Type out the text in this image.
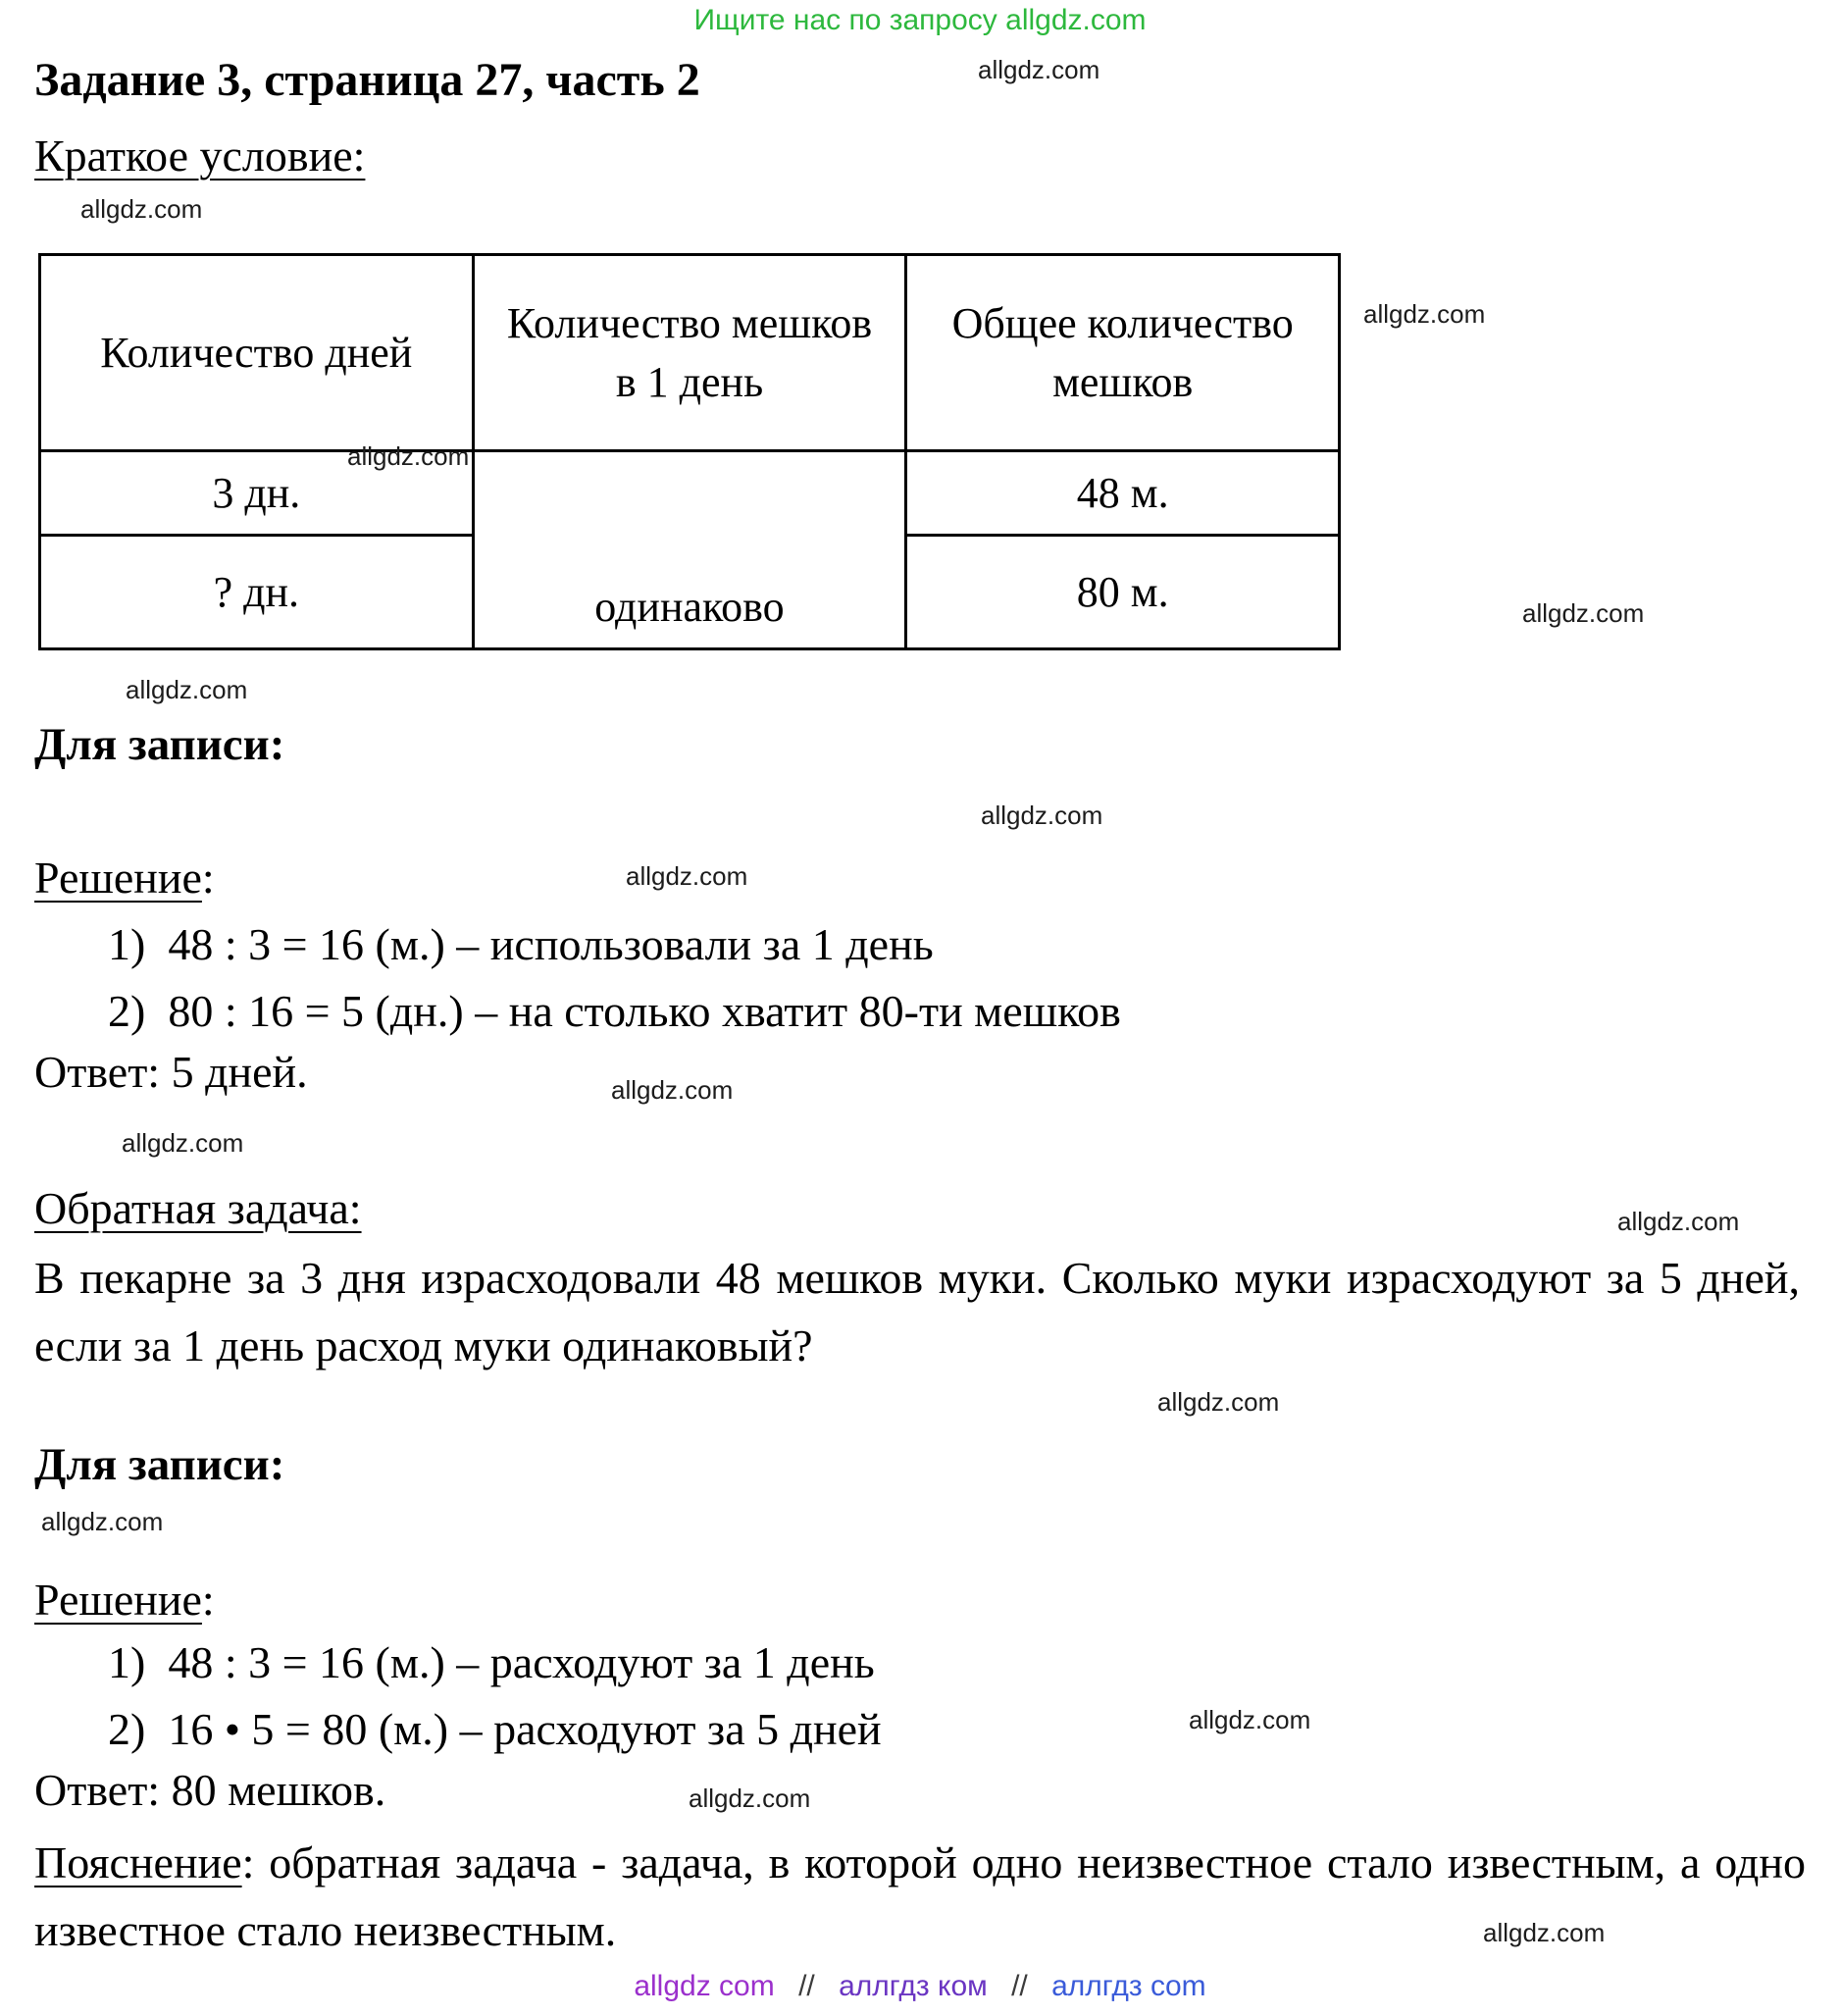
Ищите нас по запросу allgdz.com
allgdz.com
allgdz.com
allgdz.com
allgdz.com
allgdz.com
allgdz.com
allgdz.com
allgdz.com
allgdz.com
allgdz.com
allgdz.com
allgdz.com
allgdz.com
allgdz.com
allgdz.com
allgdz.com
Задание 3, страница 27, часть 2
Краткое условие:
Количество дней	Количество мешков в 1 день	Общее количество мешков
3 дн.	одинаково	48 м.
? дн.		80 м.
Для записи:
Решение:
1)  48 : 3 = 16 (м.) – использовали за 1 день
2)  80 : 16 = 5 (дн.) – на столько хватит 80-ти мешков
Ответ: 5 дней.
Обратная задача:
В пекарне за 3 дня израсходовали 48 мешков муки. Сколько муки израсходуют за 5 дней, если за 1 день расход муки одинаковый?
Для записи:
Решение:
1)  48 : 3 = 16 (м.) – расходуют за 1 день
2)  16 • 5 = 80 (м.) – расходуют за 5 дней
Ответ: 80 мешков.
Пояснение: обратная задача - задача, в которой одно неизвестное стало известным, а одно известное стало неизвестным.
allgdz com // аллгдз ком // аллгдз com
